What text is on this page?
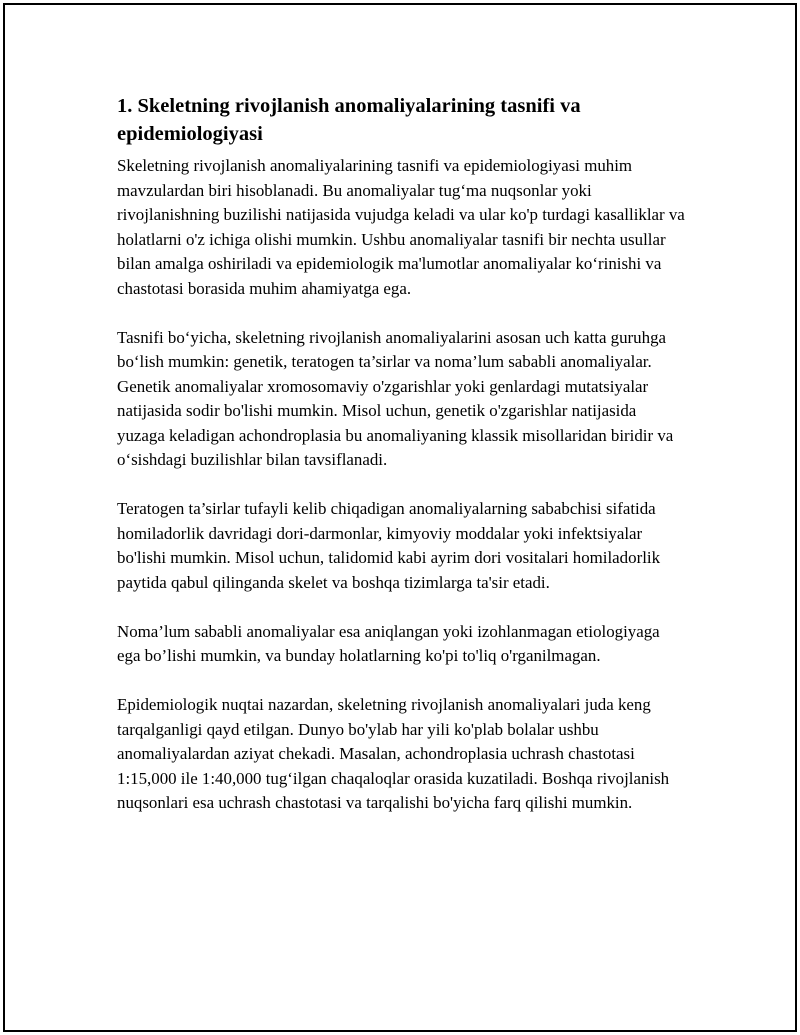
1. Skeletning rivojlanish anomaliyalarining tasnifi va epidemiologiyasi

Skeletning rivojlanish anomaliyalarining tasnifi va epidemiologiyasi muhim mavzulardan biri hisoblanadi. Bu anomaliyalar tug‘ma nuqsonlar yoki rivojlanishning buzilishi natijasida vujudga keladi va ular ko'p turdagi kasalliklar va holatlarni o'z ichiga olishi mumkin. Ushbu anomaliyalar tasnifi bir nechta usullar bilan amalga oshiriladi va epidemiologik ma'lumotlar anomaliyalar ko‘rinishi va chastotasi borasida muhim ahamiyatga ega.

Tasnifi bo‘yicha, skeletning rivojlanish anomaliyalarini asosan uch katta guruhga bo‘lish mumkin: genetik, teratogen ta’sirlar va noma’lum sababli anomaliyalar. Genetik anomaliyalar xromosomaviy o'zgarishlar yoki genlardagi mutatsiyalar natijasida sodir bo'lishi mumkin. Misol uchun, genetik o'zgarishlar natijasida yuzaga keladigan achondroplasia bu anomaliyaning klassik misollaridan biridir va o‘sishdagi buzilishlar bilan tavsiflanadi.

Teratogen ta’sirlar tufayli kelib chiqadigan anomaliyalarning sababchisi sifatida homiladorlik davridagi dori-darmonlar, kimyoviy moddalar yoki infektsiyalar bo'lishi mumkin. Misol uchun, talidomid kabi ayrim dori vositalari homiladorlik paytida qabul qilinganda skelet va boshqa tizimlarga ta'sir etadi.

Noma’lum sababli anomaliyalar esa aniqlangan yoki izohlanmagan etiologiyaga ega bo’lishi mumkin, va bunday holatlarning ko'pi to'liq o'rganilmagan.

Epidemiologik nuqtai nazardan, skeletning rivojlanish anomaliyalari juda keng tarqalganligi qayd etilgan. Dunyo bo'ylab har yili ko'plab bolalar ushbu anomaliyalardan aziyat chekadi. Masalan, achondroplasia uchrash chastotasi 1:15,000 ile 1:40,000 tug‘ilgan chaqaloqlar orasida kuzatiladi. Boshqa rivojlanish nuqsonlari esa uchrash chastotasi va tarqalishi bo'yicha farq qilishi mumkin.
